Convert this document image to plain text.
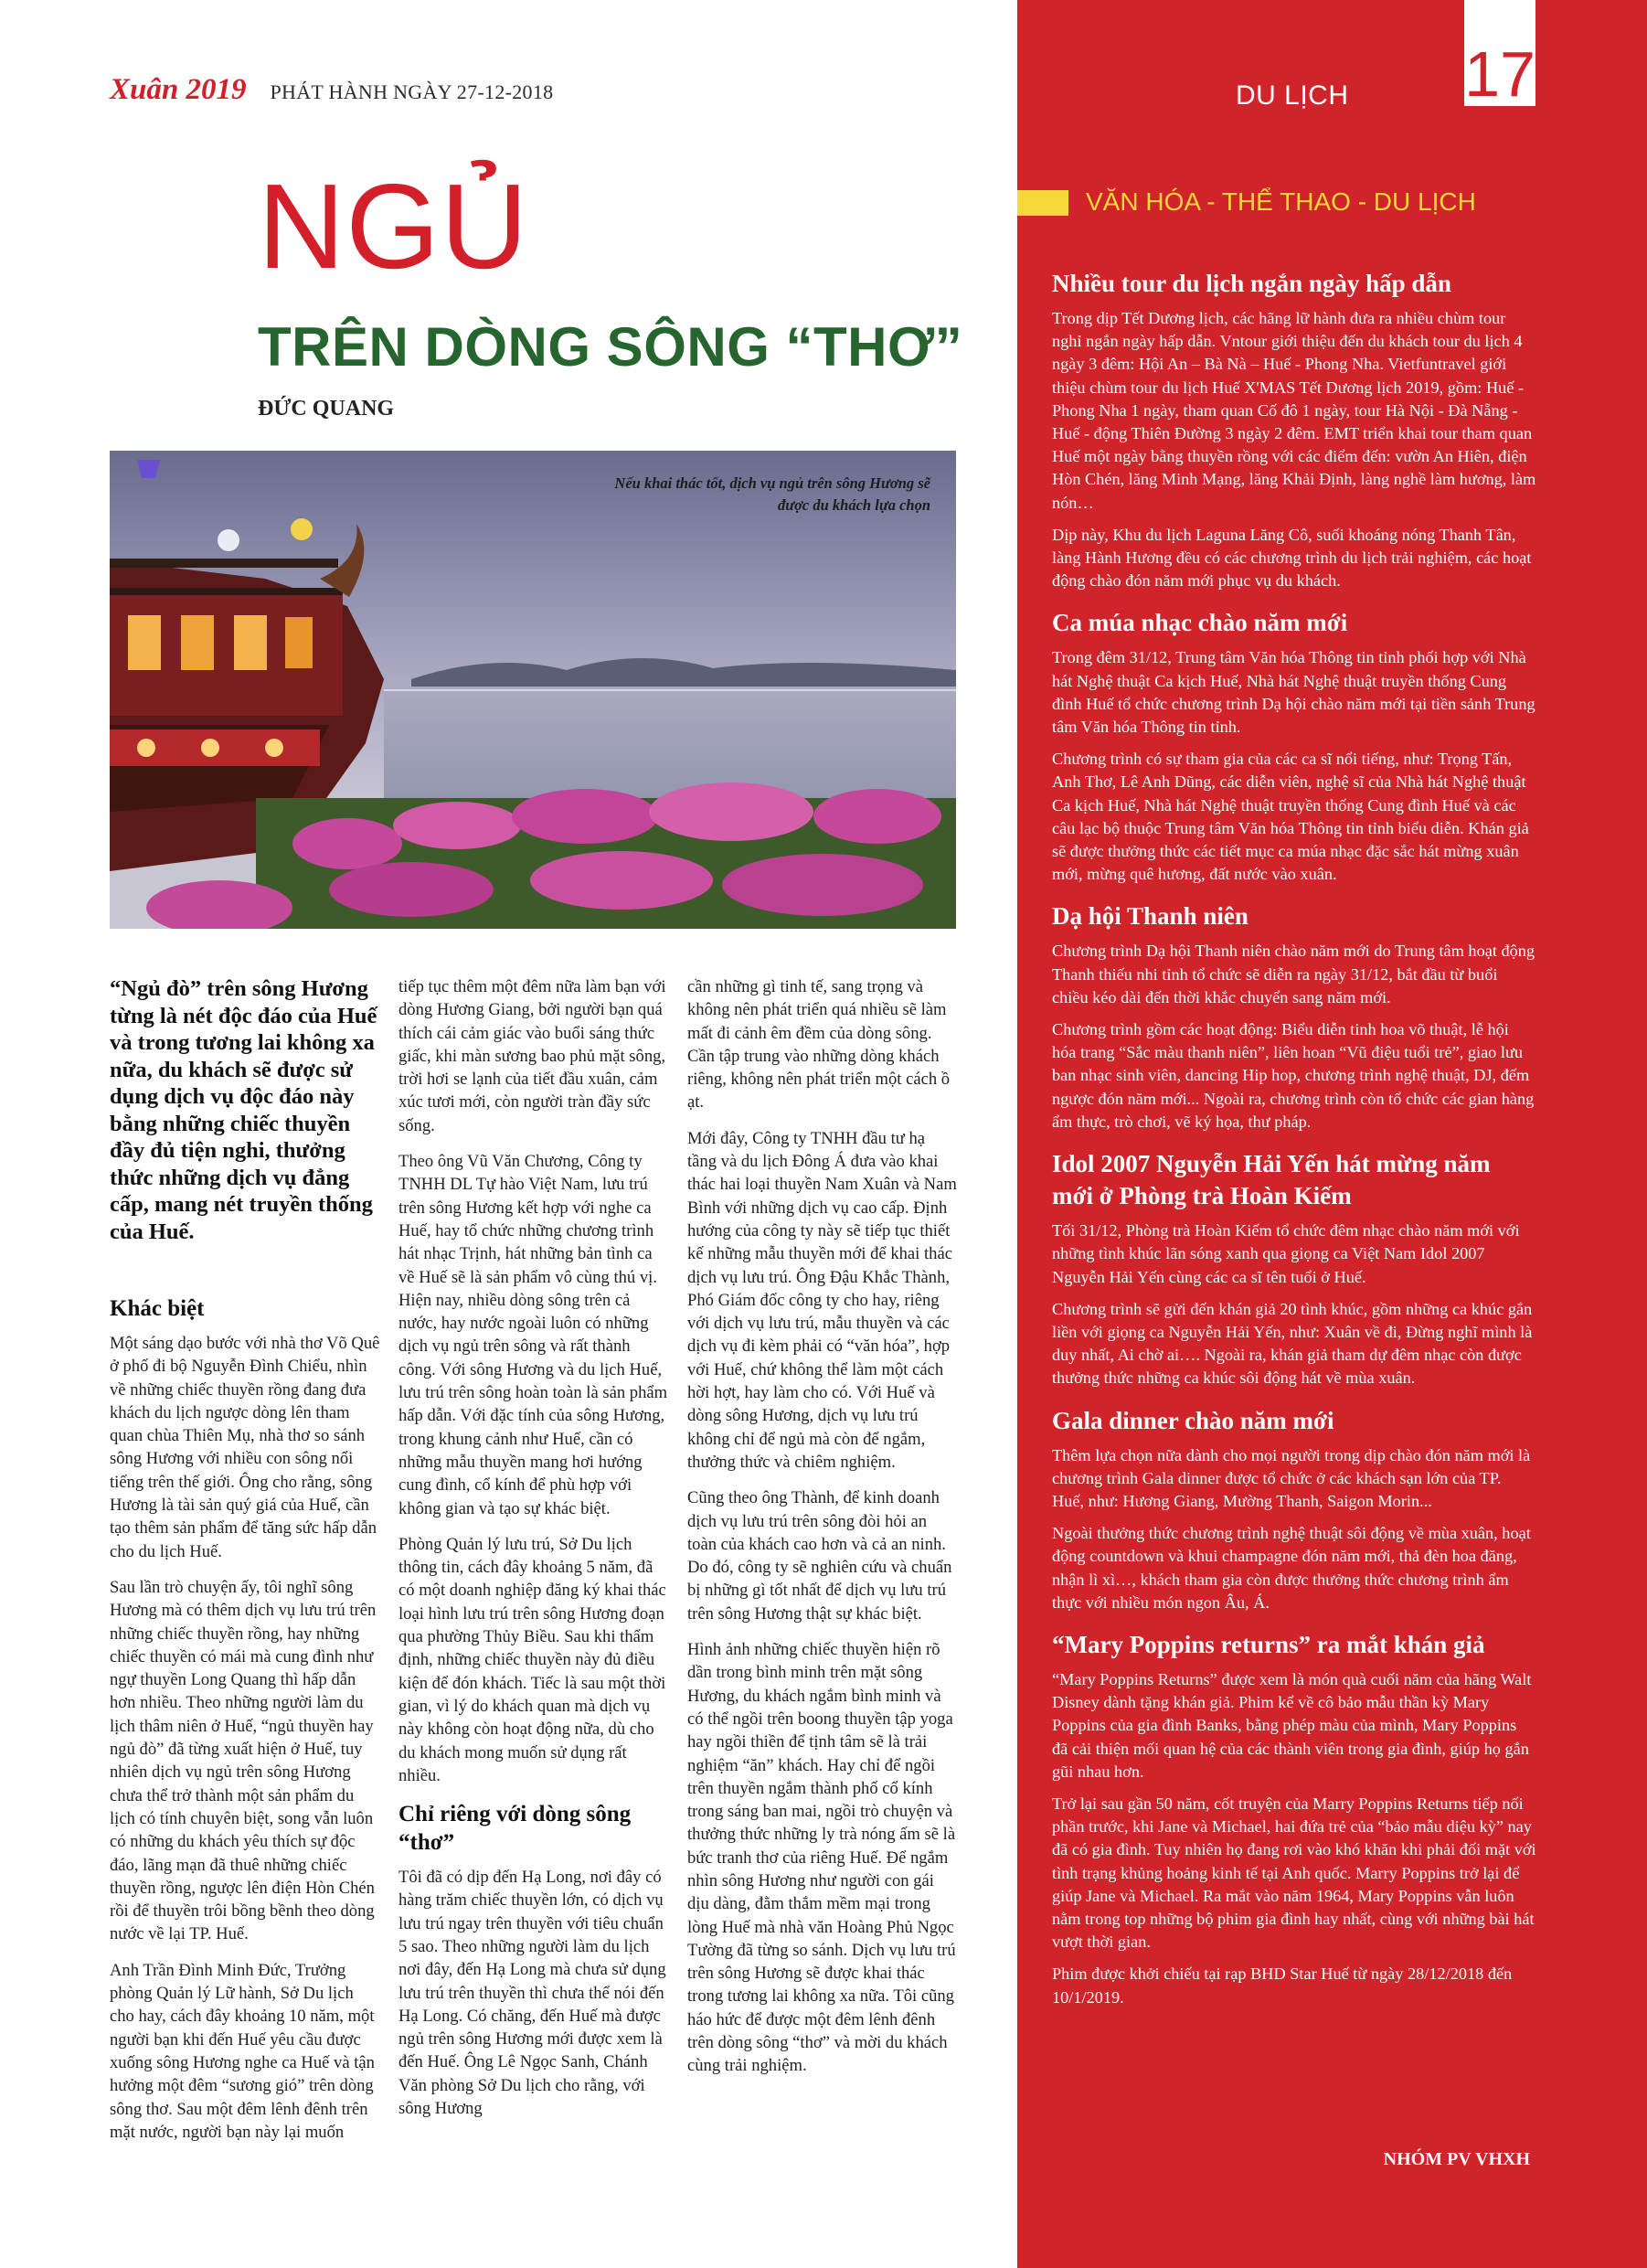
Xuân 2019 PHÁT HÀNH NGÀY 27-12-2018
NGỦ
TRÊN DÒNG SÔNG “THƠ”
ĐỨC QUANG
Nếu khai thác tốt, dịch vụ ngủ trên sông Hương sẽ được du khách lựa chọn

“Ngủ đò” trên sông Hương từng là nét độc đáo của Huế và trong tương lai không xa nữa, du khách sẽ được sử dụng dịch vụ độc đáo này bằng những chiếc thuyền đầy đủ tiện nghi, thưởng thức những dịch vụ đẳng cấp, mang nét truyền thống của Huế.

Khác biệt

Một sáng dạo bước với nhà thơ Võ Quê ở phố đi bộ Nguyễn Đình Chiểu, nhìn về những chiếc thuyền rồng đang đưa khách du lịch ngược dòng lên tham quan chùa Thiên Mụ, nhà thơ so sánh sông Hương với nhiều con sông nổi tiếng trên thế giới. Ông cho rằng, sông Hương là tài sản quý giá của Huế, cần tạo thêm sản phẩm để tăng sức hấp dẫn cho du lịch Huế.

Sau lần trò chuyện ấy, tôi nghĩ sông Hương mà có thêm dịch vụ lưu trú trên những chiếc thuyền rồng, hay những chiếc thuyền có mái mà cung đình như ngự thuyền Long Quang thì hấp dẫn hơn nhiều. Theo những người làm du lịch thâm niên ở Huế, “ngủ thuyền hay ngủ đò” đã từng xuất hiện ở Huế, tuy nhiên dịch vụ ngủ trên sông Hương chưa thể trở thành một sản phẩm du lịch có tính chuyên biệt, song vẫn luôn có những du khách yêu thích sự độc đáo, lãng mạn đã thuê những chiếc thuyền rồng, ngược lên điện Hòn Chén rồi để thuyền trôi bồng bềnh theo dòng nước về lại TP. Huế.

Anh Trần Đình Minh Đức, Trưởng phòng Quản lý Lữ hành, Sở Du lịch cho hay, cách đây khoảng 10 năm, một người bạn khi đến Huế yêu cầu được xuống sông Hương nghe ca Huế và tận hưởng một đêm “sương gió” trên dòng sông thơ. Sau một đêm lênh đênh trên mặt nước, người bạn này lại muốn

tiếp tục thêm một đêm nữa làm bạn với dòng Hương Giang, bởi người bạn quá thích cái cảm giác vào buổi sáng thức giấc, khi màn sương bao phủ mặt sông, trời hơi se lạnh của tiết đầu xuân, cảm xúc tươi mới, còn người tràn đầy sức sống.

Theo ông Vũ Văn Chương, Công ty TNHH DL Tự hào Việt Nam, lưu trú trên sông Hương kết hợp với nghe ca Huế, hay tổ chức những chương trình hát nhạc Trịnh, hát những bản tình ca về Huế sẽ là sản phẩm vô cùng thú vị. Hiện nay, nhiều dòng sông trên cả nước, hay nước ngoài luôn có những dịch vụ ngủ trên sông và rất thành công. Với sông Hương và du lịch Huế, lưu trú trên sông hoàn toàn là sản phẩm hấp dẫn. Với đặc tính của sông Hương, trong khung cảnh như Huế, cần có những mẫu thuyền mang hơi hướng cung đình, cổ kính để phù hợp với không gian và tạo sự khác biệt.

Phòng Quản lý lưu trú, Sở Du lịch thông tin, cách đây khoảng 5 năm, đã có một doanh nghiệp đăng ký khai thác loại hình lưu trú trên sông Hương đoạn qua phường Thủy Biều. Sau khi thẩm định, những chiếc thuyền này đủ điều kiện để đón khách. Tiếc là sau một thời gian, vì lý do khách quan mà dịch vụ này không còn hoạt động nữa, dù cho du khách mong muốn sử dụng rất nhiều.

Chỉ riêng với dòng sông “thơ”

Tôi đã có dịp đến Hạ Long, nơi đây có hàng trăm chiếc thuyền lớn, có dịch vụ lưu trú ngay trên thuyền với tiêu chuẩn 5 sao. Theo những người làm du lịch nơi đây, đến Hạ Long mà chưa sử dụng lưu trú trên thuyền thì chưa thể nói đến Hạ Long. Có chăng, đến Huế mà được ngủ trên sông Hương mới được xem là đến Huế. Ông Lê Ngọc Sanh, Chánh Văn phòng Sở Du lịch cho rằng, với sông Hương

cần những gì tinh tế, sang trọng và không nên phát triển quá nhiều sẽ làm mất đi cảnh êm đềm của dòng sông. Cần tập trung vào những dòng khách riêng, không nên phát triển một cách ồ ạt.

Mới đây, Công ty TNHH đầu tư hạ tầng và du lịch Đông Á đưa vào khai thác hai loại thuyền Nam Xuân và Nam Bình với những dịch vụ cao cấp. Định hướng của công ty này sẽ tiếp tục thiết kế những mẫu thuyền mới để khai thác dịch vụ lưu trú. Ông Đậu Khắc Thành, Phó Giám đốc công ty cho hay, riêng với dịch vụ lưu trú, mẫu thuyền và các dịch vụ đi kèm phải có “văn hóa”, hợp với Huế, chứ không thể làm một cách hời hợt, hay làm cho có. Với Huế và dòng sông Hương, dịch vụ lưu trú không chỉ để ngủ mà còn để ngắm, thưởng thức và chiêm nghiệm.

Cũng theo ông Thành, để kinh doanh dịch vụ lưu trú trên sông đòi hỏi an toàn của khách cao hơn và cả an ninh. Do đó, công ty sẽ nghiên cứu và chuẩn bị những gì tốt nhất để dịch vụ lưu trú trên sông Hương thật sự khác biệt.

Hình ảnh những chiếc thuyền hiện rõ dần trong bình minh trên mặt sông Hương, du khách ngắm bình minh và có thể ngồi trên boong thuyền tập yoga hay ngồi thiền để tịnh tâm sẽ là trải nghiệm “ăn” khách. Hay chỉ để ngồi trên thuyền ngắm thành phố cổ kính trong sáng ban mai, ngồi trò chuyện và thưởng thức những ly trà nóng ấm sẽ là bức tranh thơ của riêng Huế. Để ngắm nhìn sông Hương như người con gái dịu dàng, đằm thắm mềm mại trong lòng Huế mà nhà văn Hoàng Phủ Ngọc Tường đã từng so sánh. Dịch vụ lưu trú trên sông Hương sẽ được khai thác trong tương lai không xa nữa. Tôi cũng háo hức để được một đêm lênh đênh trên dòng sông “thơ” và mời du khách cùng trải nghiệm.

DU LỊCH 17
VĂN HÓA - THỂ THAO - DU LỊCH
Nhiều tour du lịch ngắn ngày hấp dẫn

Trong dịp Tết Dương lịch, các hãng lữ hành đưa ra nhiều chùm tour nghỉ ngắn ngày hấp dẫn. Vntour giới thiệu đến du khách tour du lịch 4 ngày 3 đêm: Hội An – Bà Nà – Huế - Phong Nha. Vietfuntravel giới thiệu chùm tour du lịch Huế X'MAS Tết Dương lịch 2019, gồm: Huế - Phong Nha 1 ngày, tham quan Cố đô 1 ngày, tour Hà Nội - Đà Nẵng - Huế - động Thiên Đường 3 ngày 2 đêm. EMT triển khai tour tham quan Huế một ngày bằng thuyền rồng với các điểm đến: vườn An Hiên, điện Hòn Chén, lăng Minh Mạng, lăng Khải Định, làng nghề làm hương, làm nón…

Dịp này, Khu du lịch Laguna Lăng Cô, suối khoáng nóng Thanh Tân, làng Hành Hương đều có các chương trình du lịch trải nghiệm, các hoạt động chào đón năm mới phục vụ du khách.

Ca múa nhạc chào năm mới

Trong đêm 31/12, Trung tâm Văn hóa Thông tin tỉnh phối hợp với Nhà hát Nghệ thuật Ca kịch Huế, Nhà hát Nghệ thuật truyền thống Cung đình Huế tổ chức chương trình Dạ hội chào năm mới tại tiền sảnh Trung tâm Văn hóa Thông tin tỉnh.

Chương trình có sự tham gia của các ca sĩ nổi tiếng, như: Trọng Tấn, Anh Thơ, Lê Anh Dũng, các diễn viên, nghệ sĩ của Nhà hát Nghệ thuật Ca kịch Huế, Nhà hát Nghệ thuật truyền thống Cung đình Huế và các câu lạc bộ thuộc Trung tâm Văn hóa Thông tin tỉnh biểu diễn. Khán giả sẽ được thưởng thức các tiết mục ca múa nhạc đặc sắc hát mừng xuân mới, mừng quê hương, đất nước vào xuân.

Dạ hội Thanh niên

Chương trình Dạ hội Thanh niên chào năm mới do Trung tâm hoạt động Thanh thiếu nhi tỉnh tổ chức sẽ diễn ra ngày 31/12, bắt đầu từ buổi chiều kéo dài đến thời khắc chuyển sang năm mới.

Chương trình gồm các hoạt động: Biểu diễn tinh hoa võ thuật, lễ hội hóa trang “Sắc màu thanh niên”, liên hoan “Vũ điệu tuổi trẻ”, giao lưu ban nhạc sinh viên, dancing Hip hop, chương trình nghệ thuật, DJ, đếm ngược đón năm mới... Ngoài ra, chương trình còn tổ chức các gian hàng ẩm thực, trò chơi, vẽ ký họa, thư pháp.

Idol 2007 Nguyễn Hải Yến hát mừng năm mới ở Phòng trà Hoàn Kiếm

Tối 31/12, Phòng trà Hoàn Kiếm tổ chức đêm nhạc chào năm mới với những tình khúc lãn sóng xanh qua giọng ca Việt Nam Idol 2007 Nguyễn Hải Yến cùng các ca sĩ tên tuổi ở Huế.

Chương trình sẽ gửi đến khán giả 20 tình khúc, gồm những ca khúc gắn liền với giọng ca Nguyễn Hải Yến, như: Xuân về đi, Đừng nghĩ mình là duy nhất, Ai chờ ai…. Ngoài ra, khán giả tham dự đêm nhạc còn được thưởng thức những ca khúc sôi động hát về mùa xuân.

Gala dinner chào năm mới

Thêm lựa chọn nữa dành cho mọi người trong dịp chào đón năm mới là chương trình Gala dinner được tổ chức ở các khách sạn lớn của TP. Huế, như: Hương Giang, Mường Thanh, Saigon Morin...

Ngoài thưởng thức chương trình nghệ thuật sôi động về mùa xuân, hoạt động countdown và khui champagne đón năm mới, thả đèn hoa đăng, nhận lì xì…, khách tham gia còn được thưởng thức chương trình ẩm thực với nhiều món ngon Âu, Á.

“Mary Poppins returns” ra mắt khán giả

“Mary Poppins Returns” được xem là món quà cuối năm của hãng Walt Disney dành tặng khán giả. Phim kể về cô bảo mẫu thần kỳ Mary Poppins của gia đình Banks, bằng phép màu của mình, Mary Poppins đã cải thiện mối quan hệ của các thành viên trong gia đình, giúp họ gắn gũi nhau hơn.

Trở lại sau gần 50 năm, cốt truyện của Marry Poppins Returns tiếp nối phần trước, khi Jane và Michael, hai đứa trẻ của “bảo mẫu diệu kỳ” nay đã có gia đình. Tuy nhiên họ đang rơi vào khó khăn khi phải đối mặt với tình trạng khủng hoảng kinh tế tại Anh quốc. Marry Poppins trở lại để giúp Jane và Michael. Ra mắt vào năm 1964, Mary Poppins vẫn luôn nằm trong top những bộ phim gia đình hay nhất, cùng với những bài hát vượt thời gian.

Phim được khởi chiếu tại rạp BHD Star Huế từ ngày 28/12/2018 đến 10/1/2019.

NHÓM PV VHXH
